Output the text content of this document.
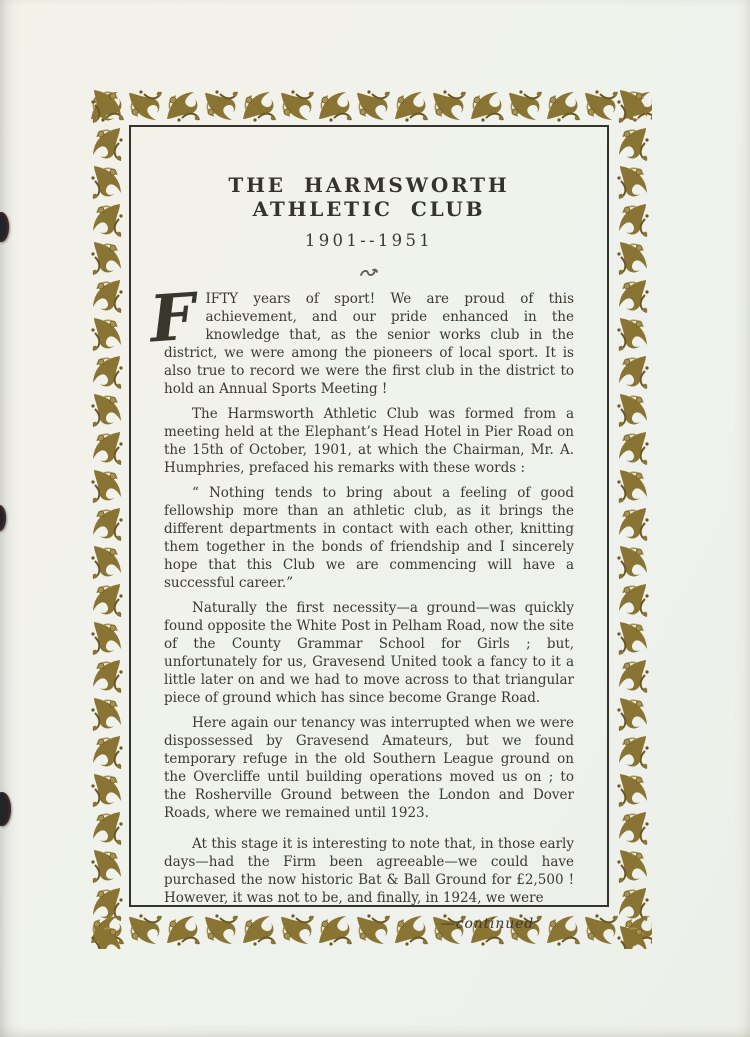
THE HARMSWORTH ATHLETIC CLUB
1901--1951

FIFTY years of sport! We are proud of this achievement, and our pride enhanced in the knowledge that, as the senior works club in the district, we were among the pioneers of local sport. It is also true to record we were the first club in the district to hold an Annual Sports Meeting !

The Harmsworth Athletic Club was formed from a meeting held at the Elephant’s Head Hotel in Pier Road on the 15th of October, 1901, at which the Chairman, Mr. A. Humphries, prefaced his remarks with these words :

“ Nothing tends to bring about a feeling of good fellowship more than an athletic club, as it brings the different departments in contact with each other, knitting them together in the bonds of friendship and I sincerely hope that this Club we are commencing will have a successful career.”

Naturally the first necessity—a ground—was quickly found opposite the White Post in Pelham Road, now the site of the County Grammar School for Girls ; but, unfortunately for us, Gravesend United took a fancy to it a little later on and we had to move across to that triangular piece of ground which has since become Grange Road.

Here again our tenancy was interrupted when we were dispossessed by Gravesend Amateurs, but we found temporary refuge in the old Southern League ground on the Overcliffe until building operations moved us on ; to the Rosherville Ground between the London and Dover Roads, where we remained until 1923.

At this stage it is interesting to note that, in those early days—had the Firm been agreeable—we could have purchased the now historic Bat & Ball Ground for £2,500 ! However, it was not to be, and finally, in 1924, we were

—continued
